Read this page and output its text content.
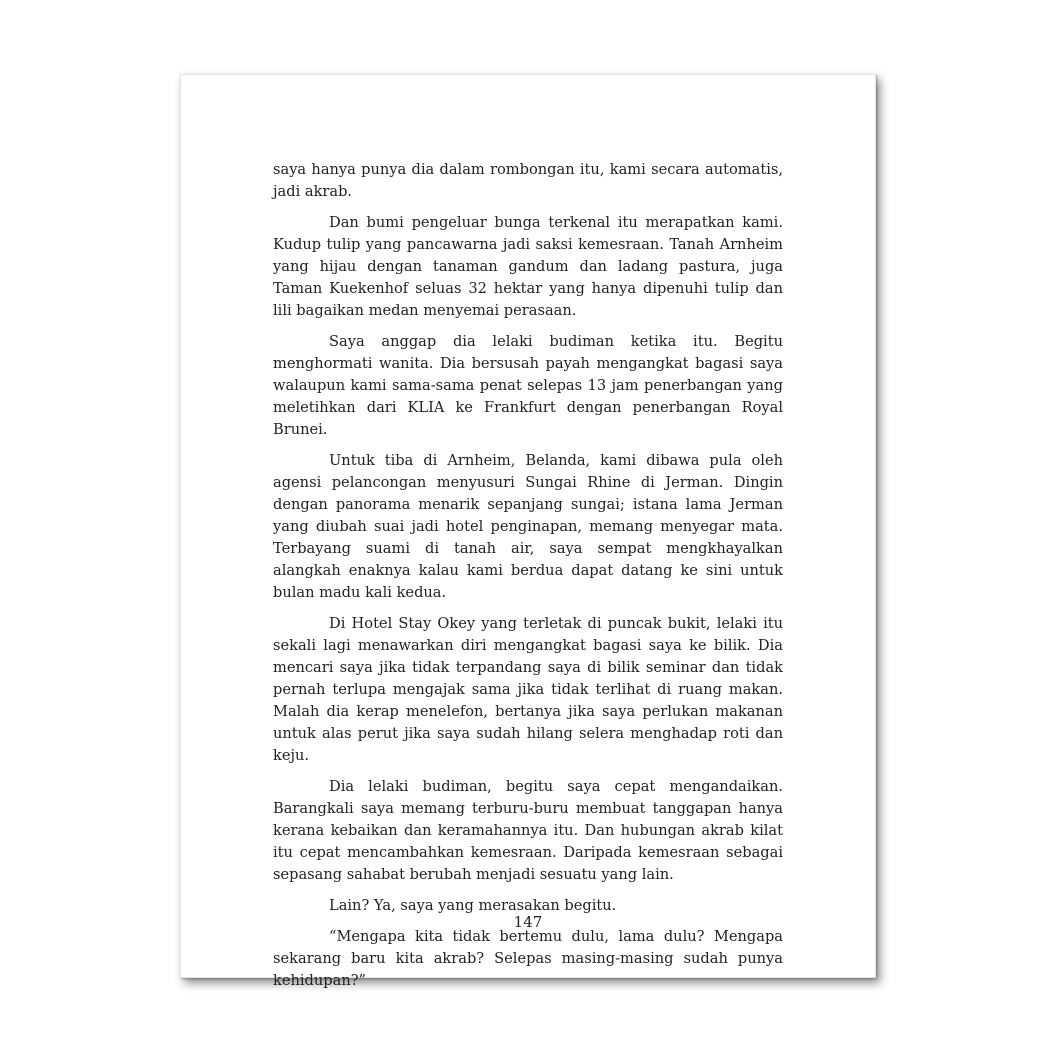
saya hanya punya dia dalam rombongan itu, kami secara automatis, jadi akrab.

Dan bumi pengeluar bunga terkenal itu merapatkan kami. Kudup tulip yang pancawarna jadi saksi kemesraan. Tanah Arnheim yang hijau dengan tanaman gandum dan ladang pastura, juga Taman Kuekenhof seluas 32 hektar yang hanya dipenuhi tulip dan lili bagaikan medan menyemai perasaan.

Saya anggap dia lelaki budiman ketika itu. Begitu menghormati wanita. Dia bersusah payah mengangkat bagasi saya walaupun kami sama-sama penat selepas 13 jam penerbangan yang meletihkan dari KLIA ke Frankfurt dengan penerbangan Royal Brunei.

Untuk tiba di Arnheim, Belanda, kami dibawa pula oleh agensi pelancongan menyusuri Sungai Rhine di Jerman. Dingin dengan panorama menarik sepanjang sungai; istana lama Jerman yang diubah suai jadi hotel penginapan, memang menyegar mata. Terbayang suami di tanah air, saya sempat mengkhayalkan alangkah enaknya kalau kami berdua dapat datang ke sini untuk bulan madu kali kedua.

Di Hotel Stay Okey yang terletak di puncak bukit, lelaki itu sekali lagi menawarkan diri mengangkat bagasi saya ke bilik. Dia mencari saya jika tidak terpandang saya di bilik seminar dan tidak pernah terlupa mengajak sama jika tidak terlihat di ruang makan. Malah dia kerap menelefon, bertanya jika saya perlukan makanan untuk alas perut jika saya sudah hilang selera menghadap roti dan keju.

Dia lelaki budiman, begitu saya cepat mengandaikan. Barangkali saya memang terburu-buru membuat tanggapan hanya kerana kebaikan dan keramahannya itu. Dan hubungan akrab kilat itu cepat mencambahkan kemesraan. Daripada kemesraan sebagai sepasang sahabat berubah menjadi sesuatu yang lain.

Lain? Ya, saya yang merasakan begitu.

“Mengapa kita tidak bertemu dulu, lama dulu? Mengapa sekarang baru kita akrab? Selepas masing-masing sudah punya kehidupan?”

147
